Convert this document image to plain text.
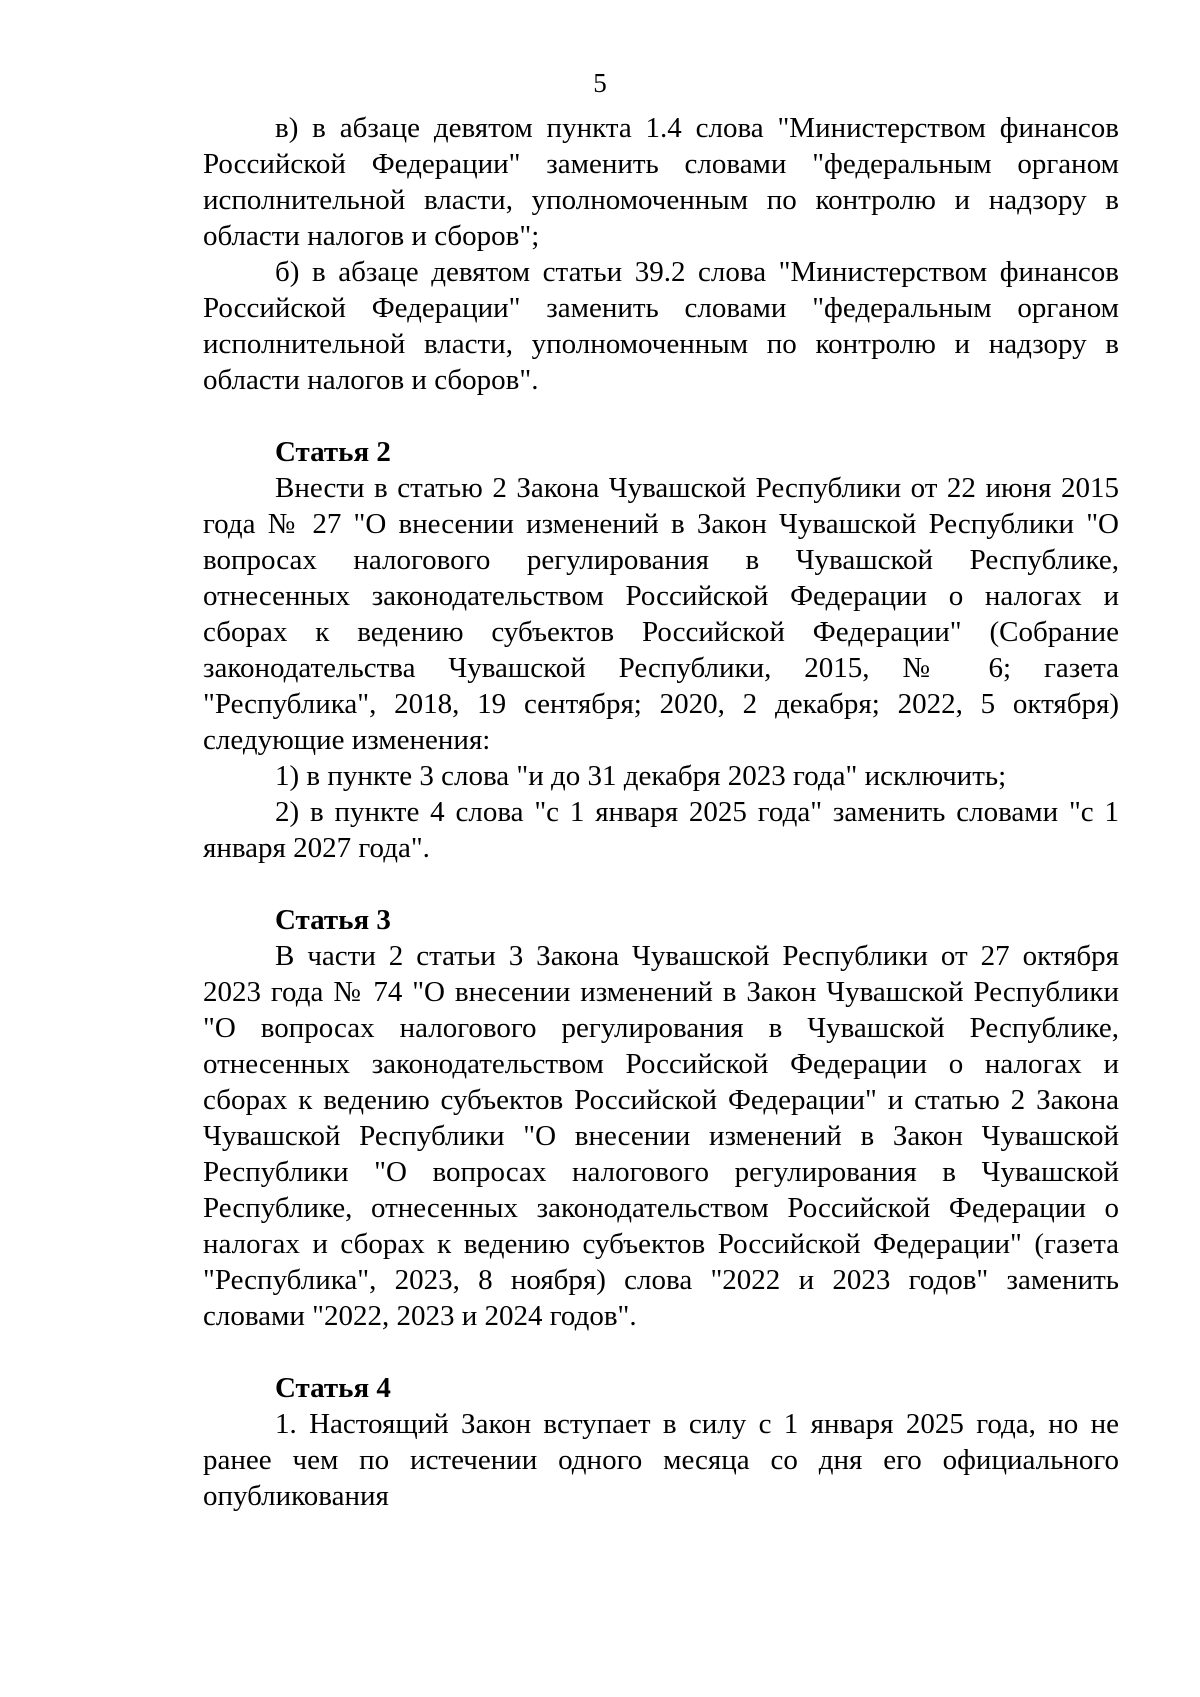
5

в) в абзаце девятом пункта 1.4 слова "Министерством финансов Российской Федерации" заменить словами "федеральным органом исполнительной власти, уполномоченным по контролю и надзору в области налогов и сборов";

б) в абзаце девятом статьи 39.2 слова "Министерством финансов Российской Федерации" заменить словами "федеральным органом исполнительной власти, уполномоченным по контролю и надзору в области налогов и сборов".

Статья 2

Внести в статью 2 Закона Чувашской Республики от 22 июня 2015 года № 27 "О внесении изменений в Закон Чувашской Республики "О вопросах налогового регулирования в Чувашской Республике, отнесенных законодательством Российской Федерации о налогах и сборах к ведению субъектов Российской Федерации" (Собрание законодательства Чувашской Республики, 2015, № 6; газета "Республика", 2018, 19 сентября; 2020, 2 декабря; 2022, 5 октября) следующие изменения:

1) в пункте 3 слова "и до 31 декабря 2023 года" исключить;

2) в пункте 4 слова "с 1 января 2025 года" заменить словами "с 1 января 2027 года".

Статья 3

В части 2 статьи 3 Закона Чувашской Республики от 27 октября 2023 года № 74 "О внесении изменений в Закон Чувашской Республики "О вопросах налогового регулирования в Чувашской Республике, отнесенных законодательством Российской Федерации о налогах и сборах к ведению субъектов Российской Федерации" и статью 2 Закона Чувашской Республики "О внесении изменений в Закон Чувашской Республики "О вопросах налогового регулирования в Чувашской Республике, отнесенных законодательством Российской Федерации о налогах и сборах к ведению субъектов Российской Федерации" (газета "Республика", 2023, 8 ноября) слова "2022 и 2023 годов" заменить словами "2022, 2023 и 2024 годов".

Статья 4

1. Настоящий Закон вступает в силу с 1 января 2025 года, но не ранее чем по истечении одного месяца со дня его официального опубликования
